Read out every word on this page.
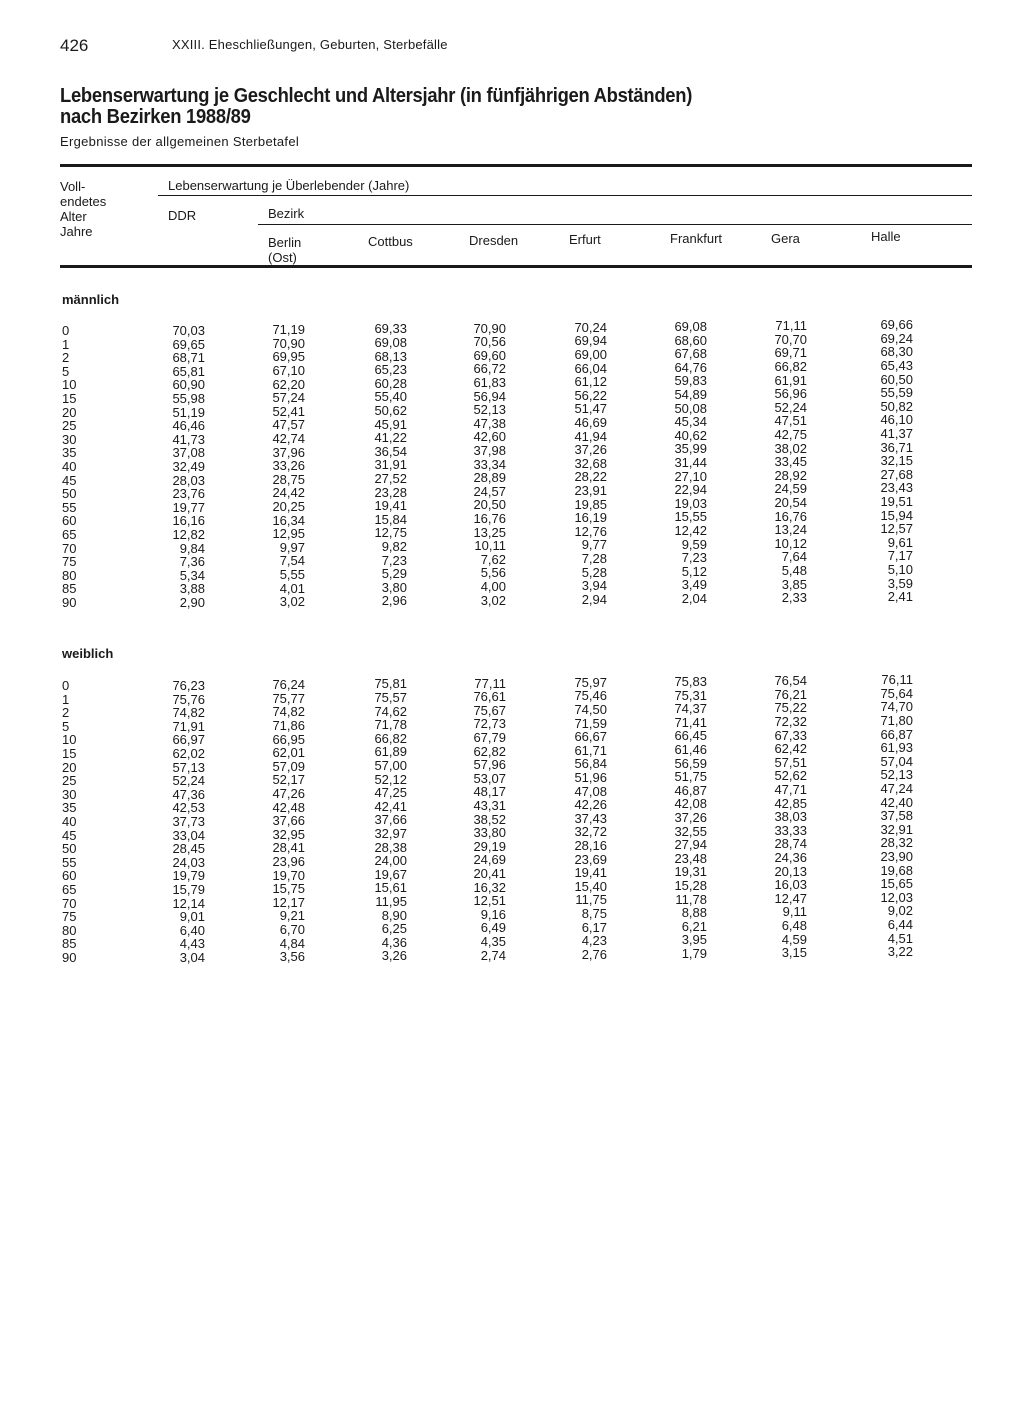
426	XXIII. Eheschließungen, Geburten, Sterbefälle
Lebenserwartung je Geschlecht und Altersjahr (in fünfjährigen Abständen)
nach Bezirken 1988/89
Ergebnisse der allgemeinen Sterbetafel
Voll-
endetes
Alter
Jahre
Lebenserwartung je Überlebender (Jahre)
DDR	Bezirk
Berlin
(Ost)
Cottbus	Dresden	Erfurt	Frankfurt	Gera	Halle
männlich
0	70,03	71,19	69,33	70,90	70,24	69,08	71,11	69,66
1	69,65	70,90	69,08	70,56	69,94	68,60	70,70	69,24
2	68,71	69,95	68,13	69,60	69,00	67,68	69,71	68,30
5	65,81	67,10	65,23	66,72	66,04	64,76	66,82	65,43
10	60,90	62,20	60,28	61,83	61,12	59,83	61,91	60,50
15	55,98	57,24	55,40	56,94	56,22	54,89	56,96	55,59
20	51,19	52,41	50,62	52,13	51,47	50,08	52,24	50,82
25	46,46	47,57	45,91	47,38	46,69	45,34	47,51	46,10
30	41,73	42,74	41,22	42,60	41,94	40,62	42,75	41,37
35	37,08	37,96	36,54	37,98	37,26	35,99	38,02	36,71
40	32,49	33,26	31,91	33,34	32,68	31,44	33,45	32,15
45	28,03	28,75	27,52	28,89	28,22	27,10	28,92	27,68
50	23,76	24,42	23,28	24,57	23,91	22,94	24,59	23,43
55	19,77	20,25	19,41	20,50	19,85	19,03	20,54	19,51
60	16,16	16,34	15,84	16,76	16,19	15,55	16,76	15,94
65	12,82	12,95	12,75	13,25	12,76	12,42	13,24	12,57
70	9,84	9,97	9,82	10,11	9,77	9,59	10,12	9,61
75	7,36	7,54	7,23	7,62	7,28	7,23	7,64	7,17
80	5,34	5,55	5,29	5,56	5,28	5,12	5,48	5,10
85	3,88	4,01	3,80	4,00	3,94	3,49	3,85	3,59
90	2,90	3,02	2,96	3,02	2,94	2,04	2,33	2,41
weiblich
0	76,23	76,24	75,81	77,11	75,97	75,83	76,54	76,11
1	75,76	75,77	75,57	76,61	75,46	75,31	76,21	75,64
2	74,82	74,82	74,62	75,67	74,50	74,37	75,22	74,70
5	71,91	71,86	71,78	72,73	71,59	71,41	72,32	71,80
10	66,97	66,95	66,82	67,79	66,67	66,45	67,33	66,87
15	62,02	62,01	61,89	62,82	61,71	61,46	62,42	61,93
20	57,13	57,09	57,00	57,96	56,84	56,59	57,51	57,04
25	52,24	52,17	52,12	53,07	51,96	51,75	52,62	52,13
30	47,36	47,26	47,25	48,17	47,08	46,87	47,71	47,24
35	42,53	42,48	42,41	43,31	42,26	42,08	42,85	42,40
40	37,73	37,66	37,66	38,52	37,43	37,26	38,03	37,58
45	33,04	32,95	32,97	33,80	32,72	32,55	33,33	32,91
50	28,45	28,41	28,38	29,19	28,16	27,94	28,74	28,32
55	24,03	23,96	24,00	24,69	23,69	23,48	24,36	23,90
60	19,79	19,70	19,67	20,41	19,41	19,31	20,13	19,68
65	15,79	15,75	15,61	16,32	15,40	15,28	16,03	15,65
70	12,14	12,17	11,95	12,51	11,75	11,78	12,47	12,03
75	9,01	9,21	8,90	9,16	8,75	8,88	9,11	9,02
80	6,40	6,70	6,25	6,49	6,17	6,21	6,48	6,44
85	4,43	4,84	4,36	4,35	4,23	3,95	4,59	4,51
90	3,04	3,56	3,26	2,74	2,76	1,79	3,15	3,22
